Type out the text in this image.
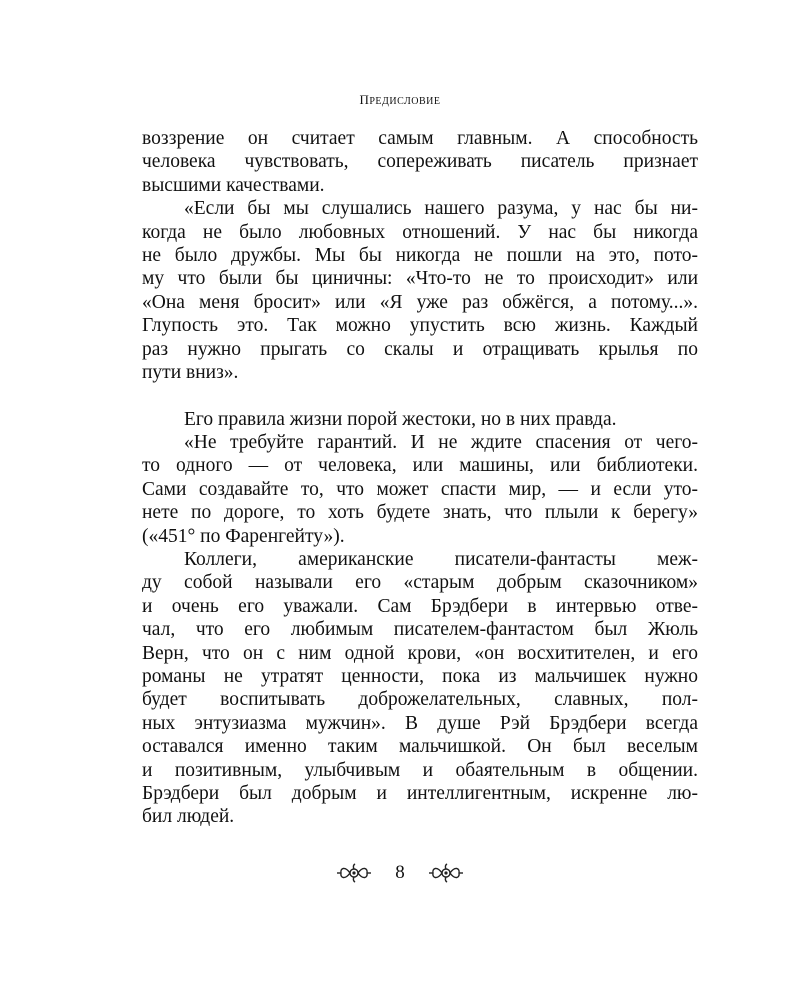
ПРЕДИСЛОВИЕ
воззрение он считает самым главным. А способность
человека чувствовать, сопереживать писатель признает
высшими качествами.
«Если бы мы слушались нашего разума, у нас бы ни-
когда не было любовных отношений. У нас бы никогда
не было дружбы. Мы бы никогда не пошли на это, пото-
му что были бы циничны: «Что-то не то происходит» или
«Она меня бросит» или «Я уже раз обжёгся, а потому...».
Глупость это. Так можно упустить всю жизнь. Каждый
раз нужно прыгать со скалы и отращивать крылья по
пути вниз».
Его правила жизни порой жестоки, но в них правда.
«Не требуйте гарантий. И не ждите спасения от чего-
то одного — от человека, или машины, или библиотеки.
Сами создавайте то, что может спасти мир, — и если уто-
нете по дороге, то хоть будете знать, что плыли к берегу»
(«451° по Фаренгейту»).
Коллеги, американские писатели-фантасты меж-
ду собой называли его «старым добрым сказочником»
и очень его уважали. Сам Брэдбери в интервью отве-
чал, что его любимым писателем-фантастом был Жюль
Верн, что он с ним одной крови, «он восхитителен, и его
романы не утратят ценности, пока из мальчишек нужно
будет воспитывать доброжелательных, славных, пол-
ных энтузиазма мужчин». В душе Рэй Брэдбери всегда
оставался именно таким мальчишкой. Он был веселым
и позитивным, улыбчивым и обаятельным в общении.
Брэдбери был добрым и интеллигентным, искренне лю-
бил людей.
8
